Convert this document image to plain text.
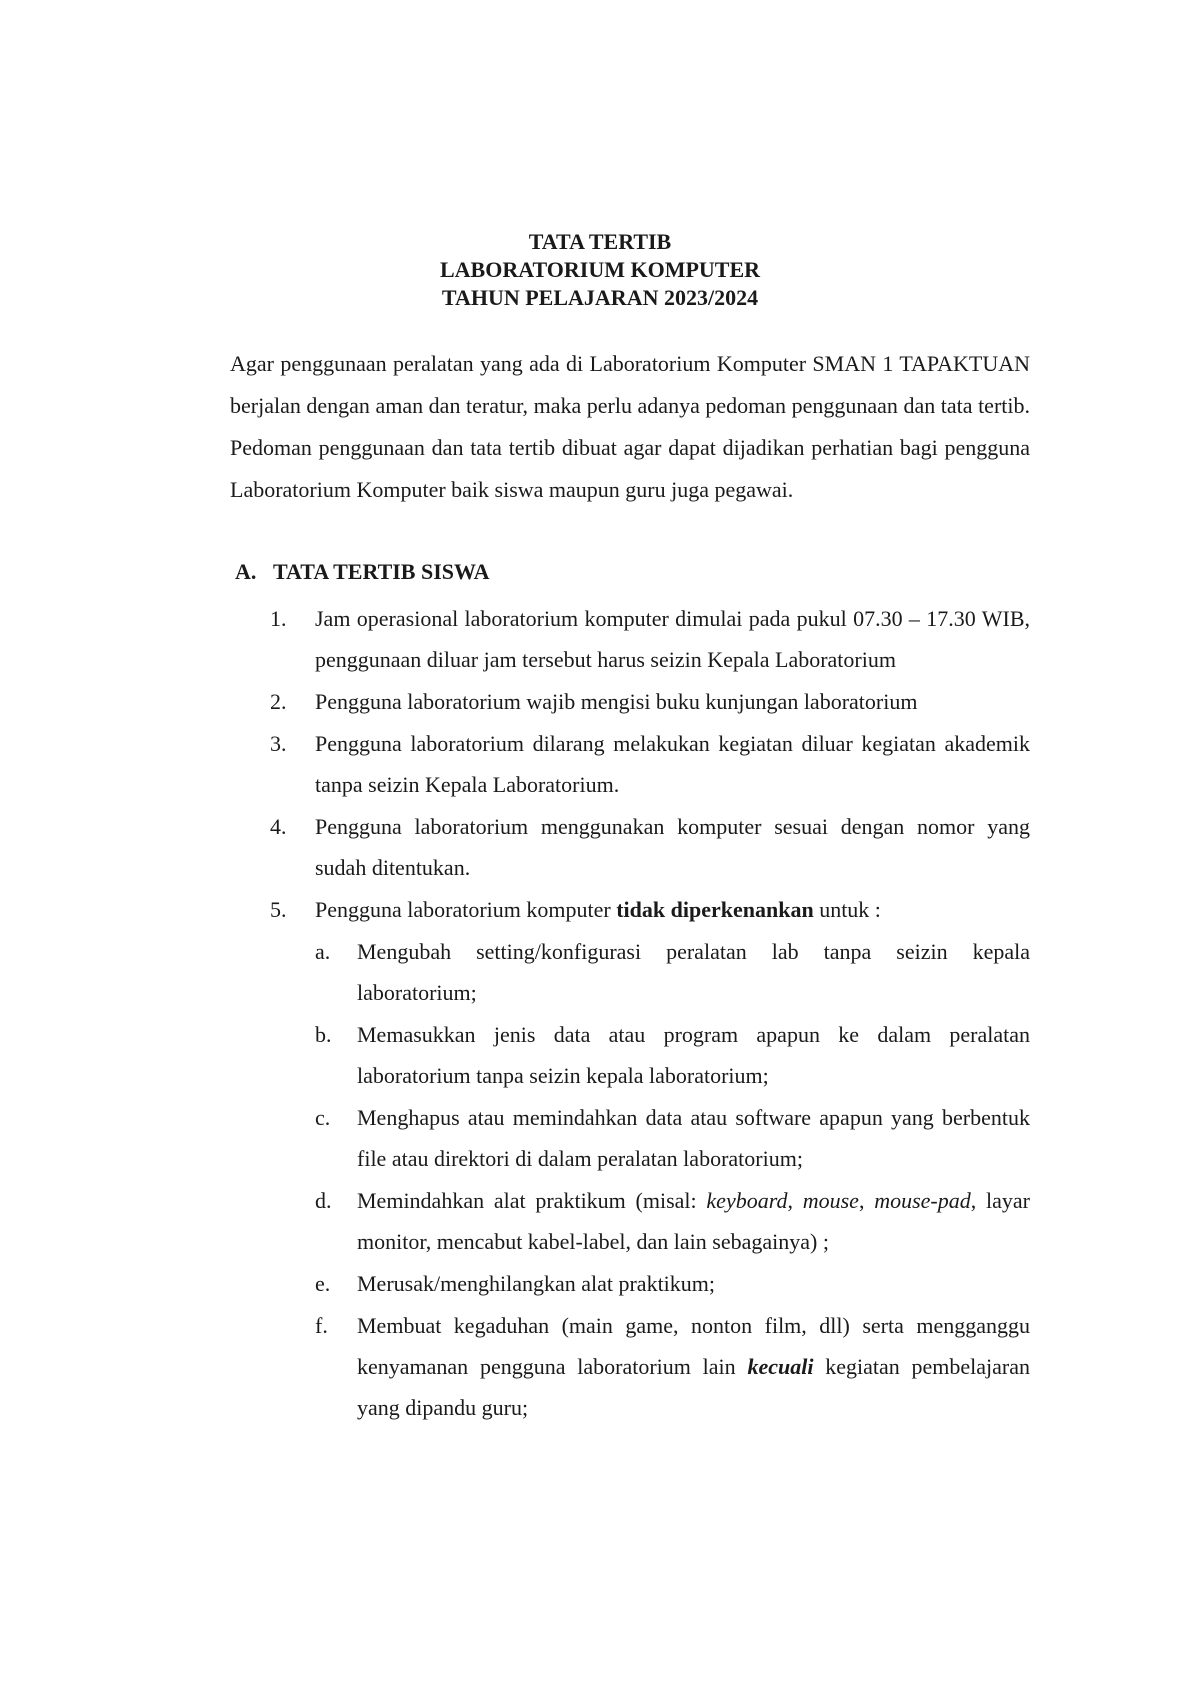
TATA TERTIB
LABORATORIUM KOMPUTER
TAHUN PELAJARAN 2023/2024
Agar penggunaan peralatan yang ada di Laboratorium Komputer SMAN 1 TAPAKTUAN berjalan dengan aman dan teratur, maka perlu adanya pedoman penggunaan dan tata tertib. Pedoman penggunaan dan tata tertib dibuat agar dapat dijadikan perhatian bagi pengguna Laboratorium Komputer baik siswa maupun guru juga pegawai.
A. TATA TERTIB SISWA
1.	Jam operasional laboratorium komputer dimulai pada pukul 07.30 – 17.30 WIB, penggunaan diluar jam tersebut harus seizin Kepala Laboratorium
2.	Pengguna laboratorium wajib mengisi buku kunjungan laboratorium
3.	Pengguna laboratorium dilarang melakukan kegiatan diluar kegiatan akademik tanpa seizin Kepala Laboratorium.
4.	Pengguna laboratorium menggunakan komputer sesuai dengan nomor yang sudah ditentukan.
5.	Pengguna laboratorium komputer tidak diperkenankan untuk :
a.	Mengubah setting/konfigurasi peralatan lab tanpa seizin kepala laboratorium;
b.	Memasukkan jenis data atau program apapun ke dalam peralatan laboratorium tanpa seizin kepala laboratorium;
c.	Menghapus atau memindahkan data atau software apapun yang berbentuk file atau direktori di dalam peralatan laboratorium;
d.	Memindahkan alat praktikum (misal: keyboard, mouse, mouse-pad, layar monitor, mencabut kabel-label, dan lain sebagainya) ;
e.	Merusak/menghilangkan alat praktikum;
f.	Membuat kegaduhan (main game, nonton film, dll) serta mengganggu kenyamanan pengguna laboratorium lain kecuali kegiatan pembelajaran yang dipandu guru;
